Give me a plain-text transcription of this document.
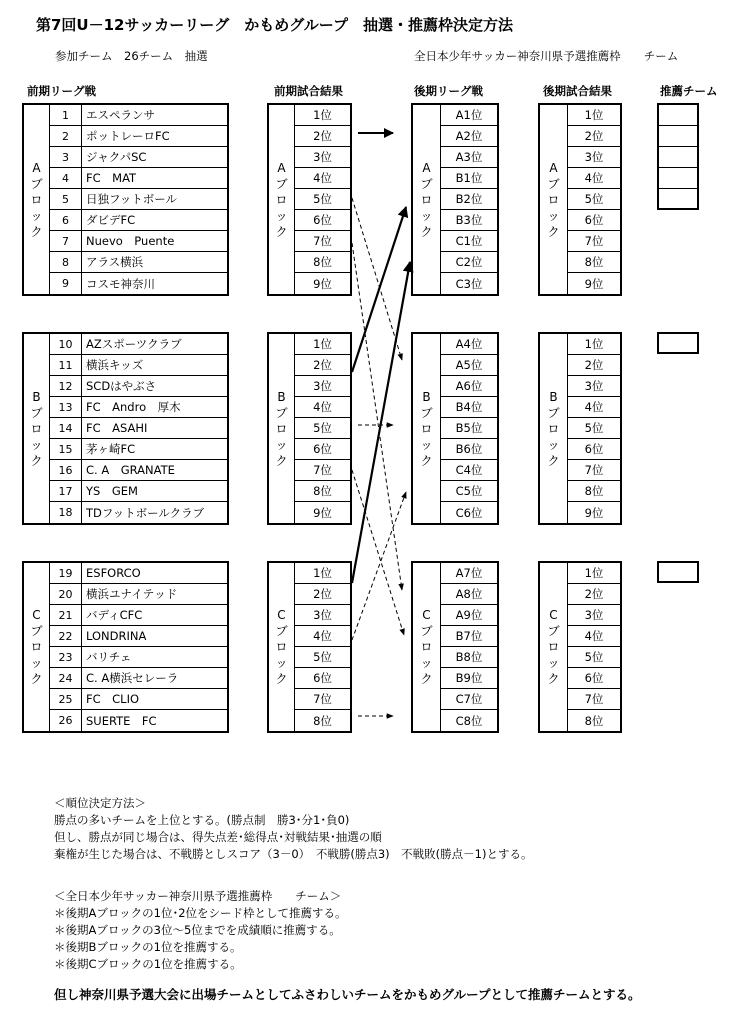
第7回U－12サッカーリーグ　かもめグループ　抽選・推薦枠決定方法
参加チーム　26チーム　抽選	全日本少年サッカー神奈川県予選推薦枠　　チーム
前期リーグ戦	前期試合結果	後期リーグ戦	後期試合結果	推薦チーム
Aブロック
1	エスペランサ
2	ポットレーロFC
3	ジャクパSC
4	FC　MAT
5	日独フットボール
6	ダビデFC
7	Nuevo　Puente
8	アラス横浜
9	コスモ神奈川
Aブロック
1位
2位
3位
4位
5位
6位
7位
8位
9位
Aブロック
A1位
A2位
A3位
B1位
B2位
B3位
C1位
C2位
C3位
Aブロック
1位
2位
3位
4位
5位
6位
7位
8位
9位
Bブロック
10	AZスポーツクラブ
11	横浜キッズ
12	SCDはやぶさ
13	FC　Andro　厚木
14	FC　ASAHI
15	茅ヶ崎FC
16	C. A　GRANATE
17	YS　GEM
18	TDフットボールクラブ
Bブロック
1位
2位
3位
4位
5位
6位
7位
8位
9位
Bブロック
A4位
A5位
A6位
B4位
B5位
B6位
C4位
C5位
C6位
Bブロック
1位
2位
3位
4位
5位
6位
7位
8位
9位
Cブロック
19	ESFORCO
20	横浜ユナイテッド
21	バディCFC
22	LONDRINA
23	バリチェ
24	C. A横浜セレーラ
25	FC　CLIO
26	SUERTE　FC
Cブロック
1位
2位
3位
4位
5位
6位
7位
8位
Cブロック
A7位
A8位
A9位
B7位
B8位
B9位
C7位
C8位
Cブロック
1位
2位
3位
4位
5位
6位
7位
8位
＜順位決定方法＞
勝点の多いチームを上位とする。(勝点制　勝3･分1･負0)
但し、勝点が同じ場合は、得失点差･総得点･対戦結果･抽選の順
棄権が生じた場合は、不戦勝としスコア（3－0）　不戦勝(勝点3)　不戦敗(勝点－1)とする。
＜全日本少年サッカー神奈川県予選推薦枠　　チーム＞
＊後期Aブロックの1位･2位をシード枠として推薦する。
＊後期Aブロックの3位～5位までを成績順に推薦する。
＊後期Bブロックの1位を推薦する。
＊後期Cブロックの1位を推薦する。
但し神奈川県予選大会に出場チームとしてふさわしいチームをかもめグループとして推薦チームとする。
